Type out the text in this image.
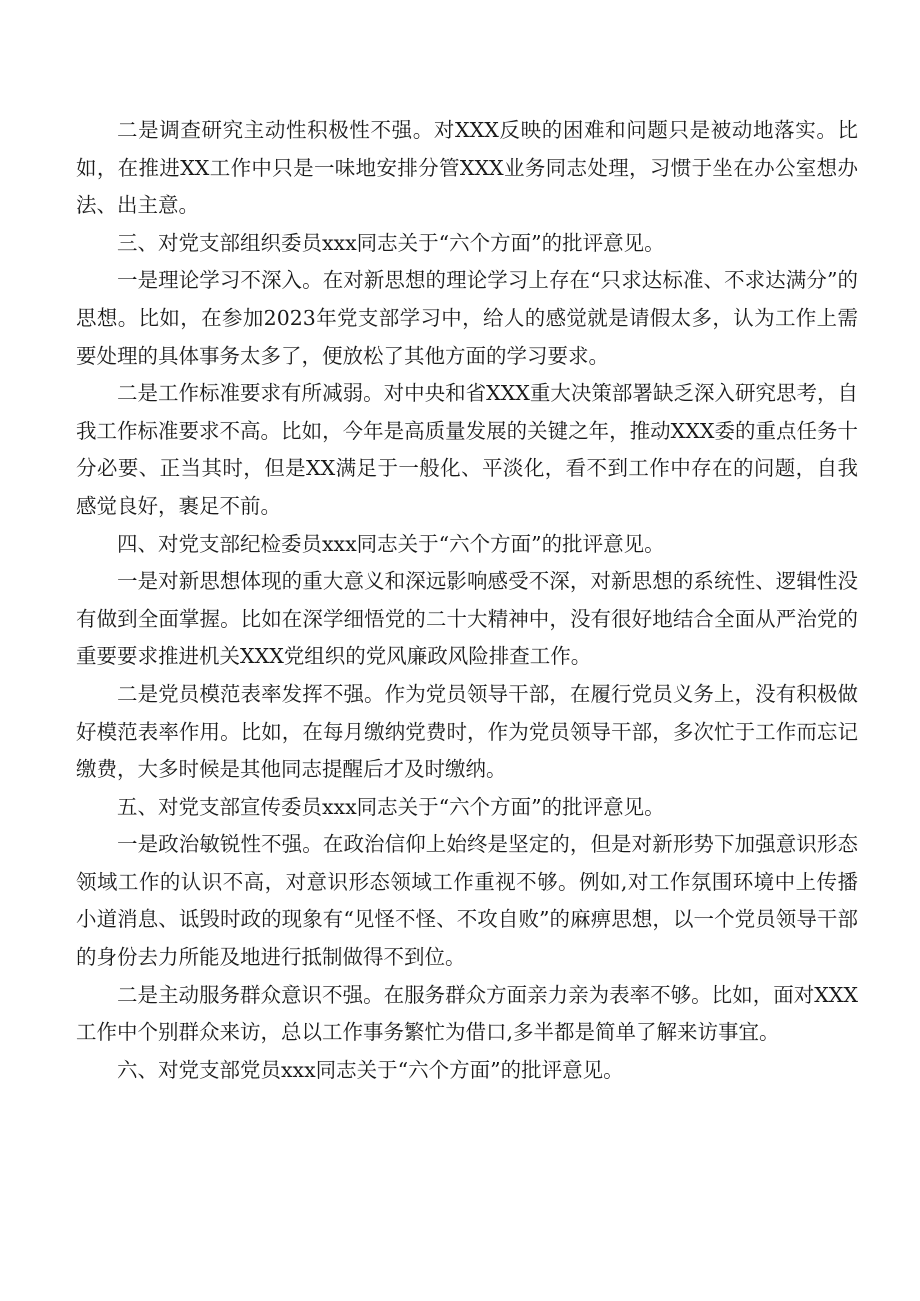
二是调查研究主动性积极性不强。对XXX反映的困难和问题只是被动地落实。比如，在推进XX工作中只是一味地安排分管XXX业务同志处理，习惯于坐在办公室想办法、出主意。

三、对党支部组织委员xxx同志关于“六个方面”的批评意见。

一是理论学习不深入。在对新思想的理论学习上存在“只求达标准、不求达满分”的思想。比如，在参加2023年党支部学习中，给人的感觉就是请假太多，认为工作上需要处理的具体事务太多了，便放松了其他方面的学习要求。

二是工作标准要求有所减弱。对中央和省XXX重大决策部署缺乏深入研究思考，自我工作标准要求不高。比如，今年是高质量发展的关键之年，推动XXX委的重点任务十分必要、正当其时，但是XX满足于一般化、平淡化，看不到工作中存在的问题，自我感觉良好，裹足不前。

四、对党支部纪检委员xxx同志关于“六个方面”的批评意见。

一是对新思想体现的重大意义和深远影响感受不深，对新思想的系统性、逻辑性没有做到全面掌握。比如在深学细悟党的二十大精神中，没有很好地结合全面从严治党的重要要求推进机关XXX党组织的党风廉政风险排查工作。

二是党员模范表率发挥不强。作为党员领导干部，在履行党员义务上，没有积极做好模范表率作用。比如，在每月缴纳党费时，作为党员领导干部，多次忙于工作而忘记缴费，大多时候是其他同志提醒后才及时缴纳。

五、对党支部宣传委员xxx同志关于“六个方面”的批评意见。

一是政治敏锐性不强。在政治信仰上始终是坚定的，但是对新形势下加强意识形态领域工作的认识不高，对意识形态领域工作重视不够。例如,对工作氛围环境中上传播小道消息、诋毁时政的现象有“见怪不怪、不攻自败”的麻痹思想，以一个党员领导干部的身份去力所能及地进行抵制做得不到位。

二是主动服务群众意识不强。在服务群众方面亲力亲为表率不够。比如，面对XXX工作中个别群众来访，总以工作事务繁忙为借口,多半都是简单了解来访事宜。

六、对党支部党员xxx同志关于“六个方面”的批评意见。
